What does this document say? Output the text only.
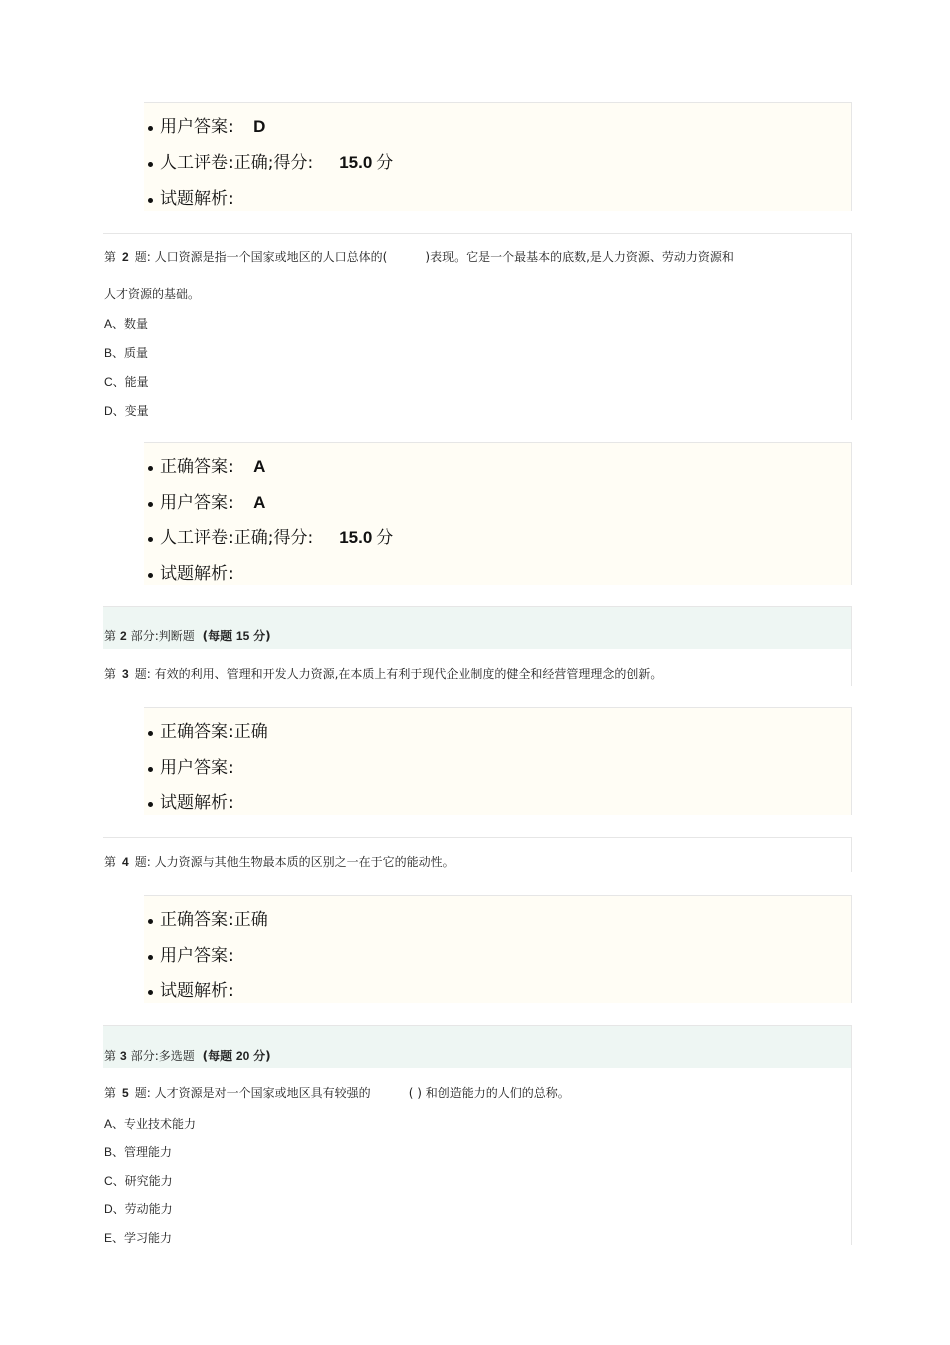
用户答案: D
人工评卷:正确;得分: 15.0 分
试题解析:
第 2 题: 人口资源是指一个国家或地区的人口总体的(          )表现。它是一个最基本的底数,是人力资源、劳动力资源和
人才资源的基础。
A、数量
B、质量
C、能量
D、变量
正确答案: A
用户答案: A
人工评卷:正确;得分: 15.0 分
试题解析:
第 2 部分:判断题 (每题 15 分)
第 3 题: 有效的利用、管理和开发人力资源,在本质上有利于现代企业制度的健全和经营管理理念的创新。
正确答案:正确
用户答案:
试题解析:
第 4 题: 人力资源与其他生物最本质的区别之一在于它的能动性。
正确答案:正确
用户答案:
试题解析:
第 3 部分:多选题 (每题 20 分)
第 5 题: 人才资源是对一个国家或地区具有较强的          ( ) 和创造能力的人们的总称。
A、专业技术能力
B、管理能力
C、研究能力
D、劳动能力
E、学习能力
